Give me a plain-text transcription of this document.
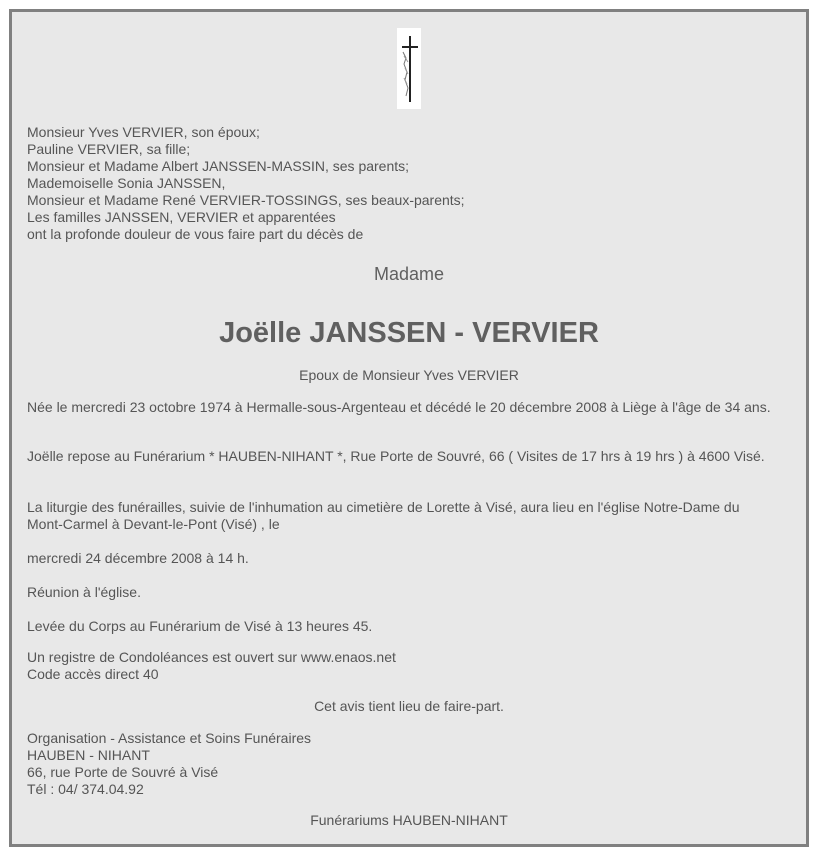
Monsieur Yves VERVIER, son époux;
Pauline VERVIER, sa fille;
Monsieur et Madame Albert JANSSEN-MASSIN, ses parents;
Mademoiselle Sonia JANSSEN,
Monsieur et Madame René VERVIER-TOSSINGS, ses beaux-parents;
Les familles JANSSEN, VERVIER et apparentées
ont la profonde douleur de vous faire part du décès de
Madame
Joëlle JANSSEN - VERVIER
Epoux de Monsieur Yves VERVIER
Née le mercredi 23 octobre 1974 à Hermalle-sous-Argenteau et décédé le 20 décembre 2008 à Liège à l'âge de 34 ans.
Joëlle repose au Funérarium * HAUBEN-NIHANT *, Rue Porte de Souvré, 66 ( Visites de 17 hrs à 19 hrs ) à 4600 Visé.
La liturgie des funérailles, suivie de l'inhumation au cimetière de Lorette à Visé, aura lieu en l'église Notre-Dame du Mont-Carmel à Devant-le-Pont (Visé) , le
mercredi 24 décembre 2008 à 14 h.
Réunion à l'église.
Levée du Corps au Funérarium de Visé à 13 heures 45.
Un registre de Condoléances est ouvert sur www.enaos.net
Code accès direct 40
Cet avis tient lieu de faire-part.
Organisation - Assistance et Soins Funéraires
HAUBEN - NIHANT
66, rue Porte de Souvré à Visé
Tél : 04/ 374.04.92
Funérariums HAUBEN-NIHANT
